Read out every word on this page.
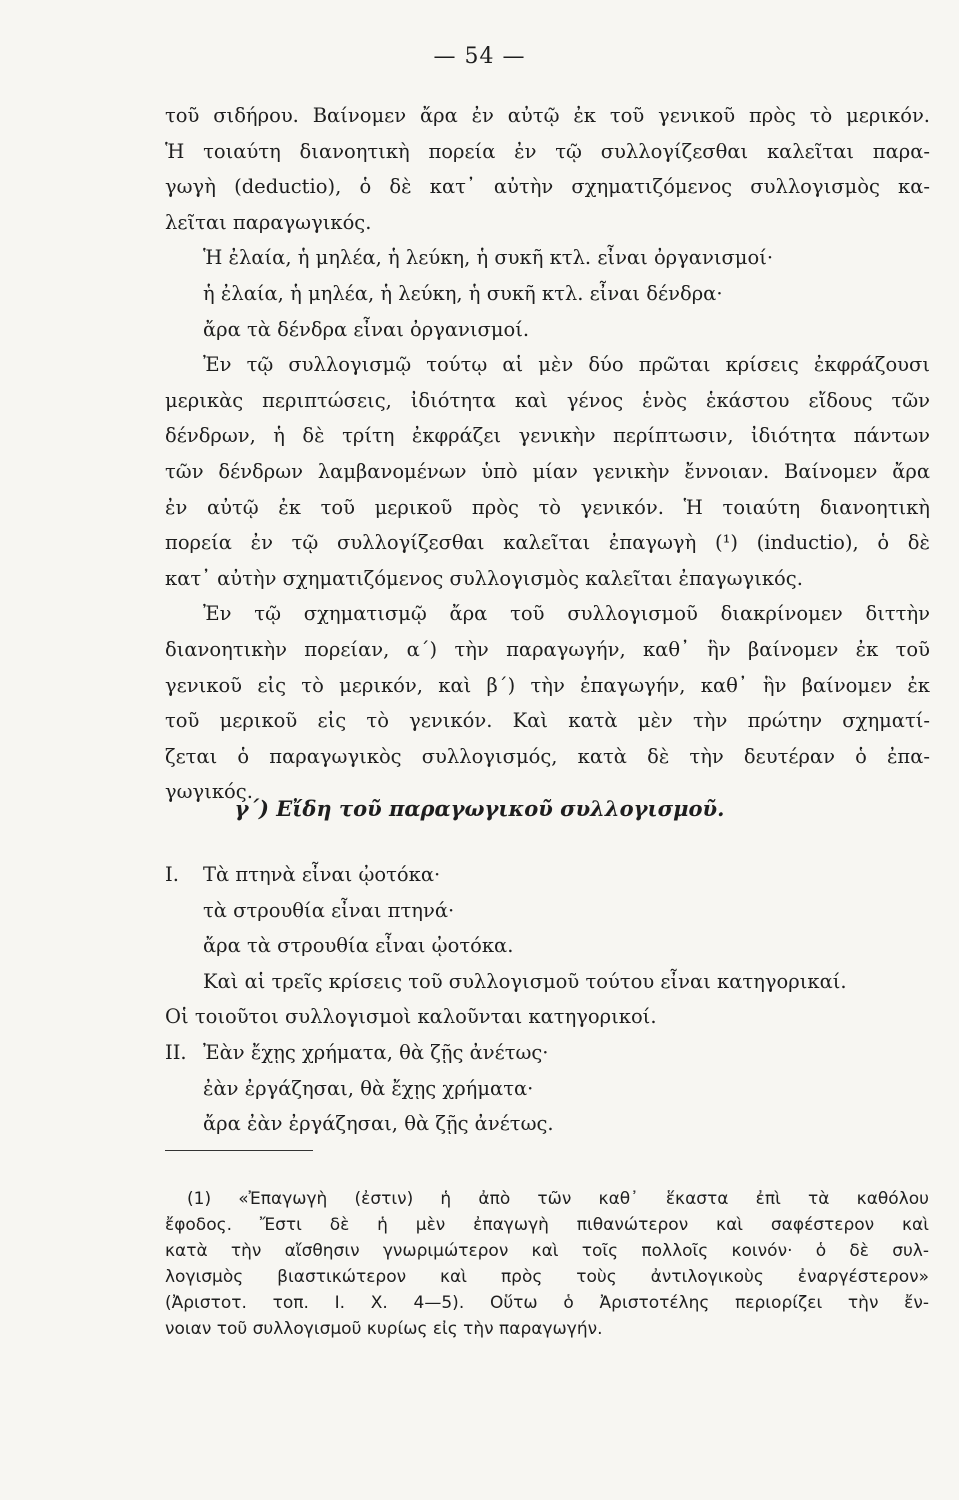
— 54 —
τοῦ σιδήρου. Βαίνομεν ἄρα ἐν αὐτῷ ἐκ τοῦ γενικοῦ πρὸς τὸ μερικόν.
Ἡ τοιαύτη διανοητικὴ πορεία ἐν τῷ συλλογίζεσθαι καλεῖται παρα-
γωγὴ (deductio), ὁ δὲ κατ᾽ αὐτὴν σχηματιζόμενος συλλογισμὸς κα-
λεῖται παραγωγικός.
Ἡ ἐλαία, ἡ μηλέα, ἡ λεύκη, ἡ συκῆ κτλ. εἶναι ὀργανισμοί·
ἡ ἐλαία, ἡ μηλέα, ἡ λεύκη, ἡ συκῆ κτλ. εἶναι δένδρα·
ἄρα τὰ δένδρα εἶναι ὀργανισμοί.
Ἐν τῷ συλλογισμῷ τούτῳ αἱ μὲν δύο πρῶται κρίσεις ἐκφράζουσι
μερικὰς περιπτώσεις, ἰδιότητα καὶ γένος ἑνὸς ἑκάστου εἴδους τῶν
δένδρων, ἡ δὲ τρίτη ἐκφράζει γενικὴν περίπτωσιν, ἰδιότητα πάντων
τῶν δένδρων λαμβανομένων ὑπὸ μίαν γενικὴν ἔννοιαν. Βαίνομεν ἄρα
ἐν αὐτῷ ἐκ τοῦ μερικοῦ πρὸς τὸ γενικόν. Ἡ τοιαύτη διανοητικὴ
πορεία ἐν τῷ συλλογίζεσθαι καλεῖται ἐπαγωγὴ (¹) (inductio), ὁ δὲ
κατ᾽ αὐτὴν σχηματιζόμενος συλλογισμὸς καλεῖται ἐπαγωγικός.
Ἐν τῷ σχηματισμῷ ἄρα τοῦ συλλογισμοῦ διακρίνομεν διττὴν
διανοητικὴν πορείαν, α΄) τὴν παραγωγήν, καθ᾽ ἣν βαίνομεν ἐκ τοῦ
γενικοῦ εἰς τὸ μερικόν, καὶ β΄) τὴν ἐπαγωγήν, καθ᾽ ἣν βαίνομεν ἐκ
τοῦ μερικοῦ εἰς τὸ γενικόν. Καὶ κατὰ μὲν τὴν πρώτην σχηματί-
ζεται ὁ παραγωγικὸς συλλογισμός, κατὰ δὲ τὴν δευτέραν ὁ ἐπα-
γωγικός.
γ΄) Εἴδη τοῦ παραγωγικοῦ συλλογισμοῦ.
I. Τὰ πτηνὰ εἶναι ᾠοτόκα·
τὰ στρουθία εἶναι πτηνά·
ἄρα τὰ στρουθία εἶναι ᾠοτόκα.
Καὶ αἱ τρεῖς κρίσεις τοῦ συλλογισμοῦ τούτου εἶναι κατηγορικαί.
Οἱ τοιοῦτοι συλλογισμοὶ καλοῦνται κατηγορικοί.
II. Ἐὰν ἔχῃς χρήματα, θὰ ζῇς ἀνέτως·
ἐὰν ἐργάζησαι, θὰ ἔχῃς χρήματα·
ἄρα ἐὰν ἐργάζησαι, θὰ ζῇς ἀνέτως.
(1) «Ἐπαγωγὴ (ἐστιν) ἡ ἀπὸ τῶν καθ᾽ ἕκαστα ἐπὶ τὰ καθόλου
ἔφοδος. Ἔστι δὲ ἡ μὲν ἐπαγωγὴ πιθανώτερον καὶ σαφέστερον καὶ
κατὰ τὴν αἴσθησιν γνωριμώτερον καὶ τοῖς πολλοῖς κοινόν· ὁ δὲ συλ-
λογισμὸς βιαστικώτερον καὶ πρὸς τοὺς ἀντιλογικοὺς ἐναργέστερον»
(Ἀριστοτ. τοπ. Ι. Χ. 4—5). Οὕτω ὁ Ἀριστοτέλης περιορίζει τὴν ἔν-
νοιαν τοῦ συλλογισμοῦ κυρίως εἰς τὴν παραγωγήν.
